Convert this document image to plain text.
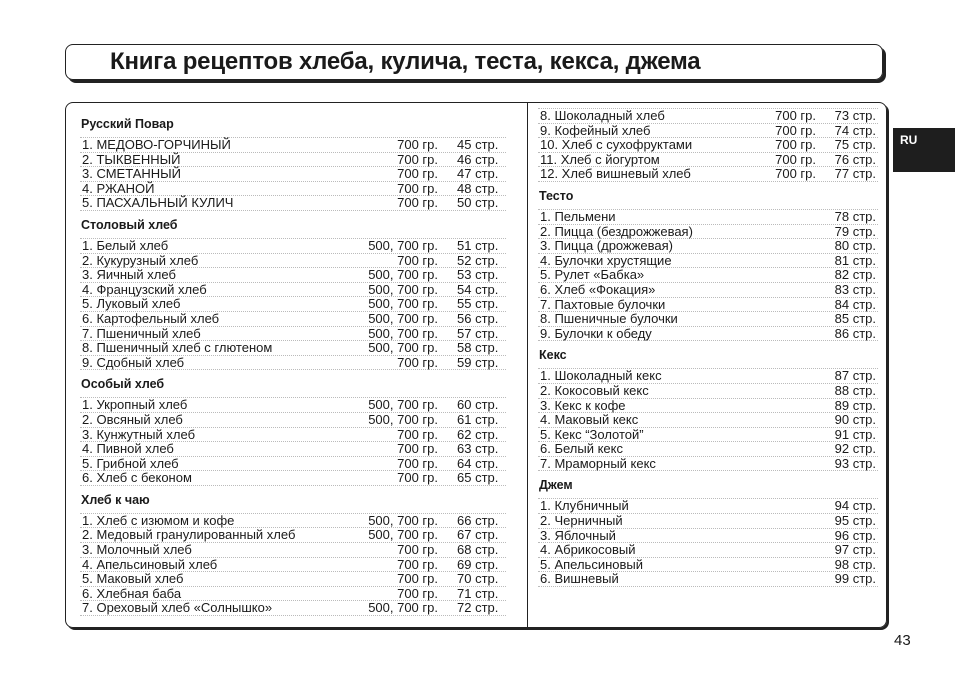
Книга рецептов хлеба, кулича, теста, кекса, джема
Русский Повар
1. МЕДОВО-ГОРЧИНЫЙ	700 гр. 45 стр.
2. ТЫКВЕННЫЙ	700 гр. 46 стр.
3. СМЕТАННЫЙ	700 гр. 47 стр.
4. РЖАНОЙ	700 гр. 48 стр.
5. ПАСХАЛЬНЫЙ КУЛИЧ	700 гр. 50 стр.
Столовый хлеб
1. Белый хлеб	500, 700 гр. 51 стр.
2. Кукурузный хлеб	700 гр. 52 стр.
3. Яичный хлеб	500, 700 гр. 53 стр.
4. Французский хлеб	500, 700 гр. 54 стр.
5. Луковый хлеб	500, 700 гр. 55 стр.
6. Картофельный хлеб	500, 700 гр. 56 стр.
7. Пшеничный хлеб	500, 700 гр. 57 стр.
8. Пшеничный хлеб с глютеном	500, 700 гр. 58 стр.
9. Сдобный хлеб	700 гр. 59 стр.
Особый хлеб
1. Укропный хлеб	500, 700 гр. 60 стр.
2. Овсяный хлеб	500, 700 гр. 61 стр.
3. Кунжутный хлеб	700 гр. 62 стр.
4. Пивной хлеб	700 гр. 63 стр.
5. Грибной хлеб	700 гр. 64 стр.
6. Хлеб с беконом	700 гр. 65 стр.
Хлеб к чаю
1. Хлеб с изюмом и кофе	500, 700 гр. 66 стр.
2. Медовый гранулированный хлеб	500, 700 гр. 67 стр.
3. Молочный хлеб	700 гр. 68 стр.
4. Апельсиновый хлеб	700 гр. 69 стр.
5. Маковый хлеб	700 гр. 70 стр.
6. Хлебная баба	700 гр. 71 стр.
7. Ореховый хлеб «Солнышко»	500, 700 гр. 72 стр.
8. Шоколадный хлеб	700 гр. 73 стр.
9. Кофейный хлеб	700 гр. 74 стр.
10. Хлеб с сухофруктами	700 гр. 75 стр.
11. Хлеб с йогуртом	700 гр. 76 стр.
12. Хлеб вишневый хлеб	700 гр. 77 стр.
Тесто
1. Пельмени	78 стр.
2. Пицца (бездрожжевая)	79 стр.
3. Пицца (дрожжевая)	80 стр.
4. Булочки хрустящие	81 стр.
5. Рулет «Бабка»	82 стр.
6. Хлеб «Фокация»	83 стр.
7. Пахтовые булочки	84 стр.
8. Пшеничные булочки	85 стр.
9. Булочки к обеду	86 стр.
Кекс
1. Шоколадный кекс	87 стр.
2. Кокосовый кекс	88 стр.
3. Кекс к кофе	89 стр.
4. Маковый кекс	90 стр.
5. Кекс “Золотой”	91 стр.
6. Белый кекс	92 стр.
7. Мраморный кекс	93 стр.
Джем
1. Клубничный	94 стр.
2. Черничный	95 стр.
3. Яблочный	96 стр.
4. Абрикосовый	97 стр.
5. Апельсиновый	98 стр.
6. Вишневый	99 стр.
RU
43
